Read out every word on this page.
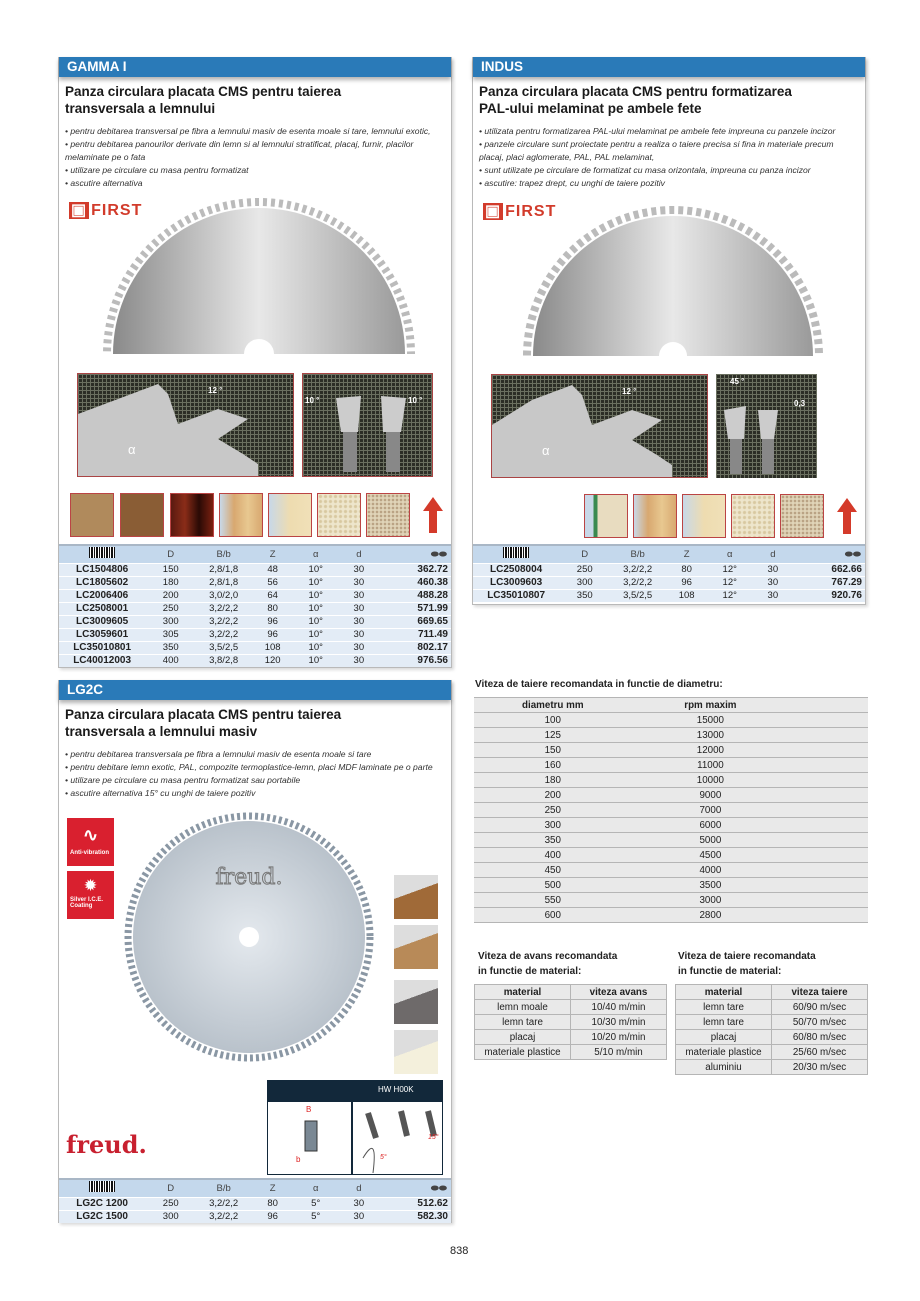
GAMMA I
Panza circulara placata CMS pentru taierea
transversala a lemnului
• pentru debitarea transversal pe fibra a lemnului masiv de esenta moale si tare, lemnului exotic,
• pentru debitarea panourilor derivate din lemn si al lemnului stratificat, placaj, furnir, placilor melaminate pe o fata
• utilizare pe circulare cu masa pentru formatizat
• ascutire alternativa
▣ FIRST
12 °
α
10 °	10 °
	D	B/b	Z	α	d	⬬⬬
LC1504806	150	2,8/1,8	48	10°	30	362.72
LC1805602	180	2,8/1,8	56	10°	30	460.38
LC2006406	200	3,0/2,0	64	10°	30	488.28
LC2508001	250	3,2/2,2	80	10°	30	571.99
LC3009605	300	3,2/2,2	96	10°	30	669.65
LC3059601	305	3,2/2,2	96	10°	30	711.49
LC35010801	350	3,5/2,5	108	10°	30	802.17
LC40012003	400	3,8/2,8	120	10°	30	976.56
INDUS
Panza circulara placata CMS pentru formatizarea
PAL-ului melaminat pe ambele fete
• utilizata pentru formatizarea PAL-ului melaminat pe ambele fete impreuna cu panzele incizor
• panzele circulare sunt proiectate pentru a realiza o taiere precisa si fina in materiale precum placaj, placi aglomerate, PAL, PAL melaminat,
• sunt utilizate pe circulare de formatizat cu masa orizontala, impreuna cu panza incizor
• ascutire: trapez drept, cu unghi de taiere pozitiv
▣ FIRST
12 °
α
45 °
0,3
	D	B/b	Z	α	d	⬬⬬
LC2508004	250	3,2/2,2	80	12°	30	662.66
LC3009603	300	3,2/2,2	96	12°	30	767.29
LC35010807	350	3,5/2,5	108	12°	30	920.76
LG2C
Panza circulara placata CMS pentru taierea
transversala a lemnului masiv
• pentru debitarea transversala pe fibra a lemnului masiv de esenta moale si tare
• pentru debitare lemn exotic, PAL, compozite termoplastice-lemn, placi MDF laminate pe o parte
• utilizare pe circulare cu masa pentru formatizat sau portabile
• ascutire alternativa 15° cu unghi de taiere pozitiv
∿
Anti-vibration
✹
Silver I.C.E. Coating
freud.
freud.
HW H00K
B
b	5°
15°
	D	B/b	Z	α	d	⬬⬬
LG2C 1200	250	3,2/2,2	80	5°	30	512.62
LG2C 1500	300	3,2/2,2	96	5°	30	582.30
Viteza de taiere recomandata in functie de diametru:
diametru mm	rpm maxim	
100	15000	
125	13000	
150	12000	
160	11000	
180	10000	
200	9000	
250	7000	
300	6000	
350	5000	
400	4500	
450	4000	
500	3500	
550	3000	
600	2800	
Viteza de avans recomandata
in functie de material:
material	viteza avans
lemn moale	10/40 m/min
lemn tare	10/30 m/min
placaj	10/20 m/min
materiale plastice	5/10 m/min
Viteza de taiere recomandata
in functie de material:
material	viteza taiere
lemn tare	60/90 m/sec
lemn tare	50/70 m/sec
placaj	60/80 m/sec
materiale plastice	25/60 m/sec
aluminiu	20/30 m/sec
838
